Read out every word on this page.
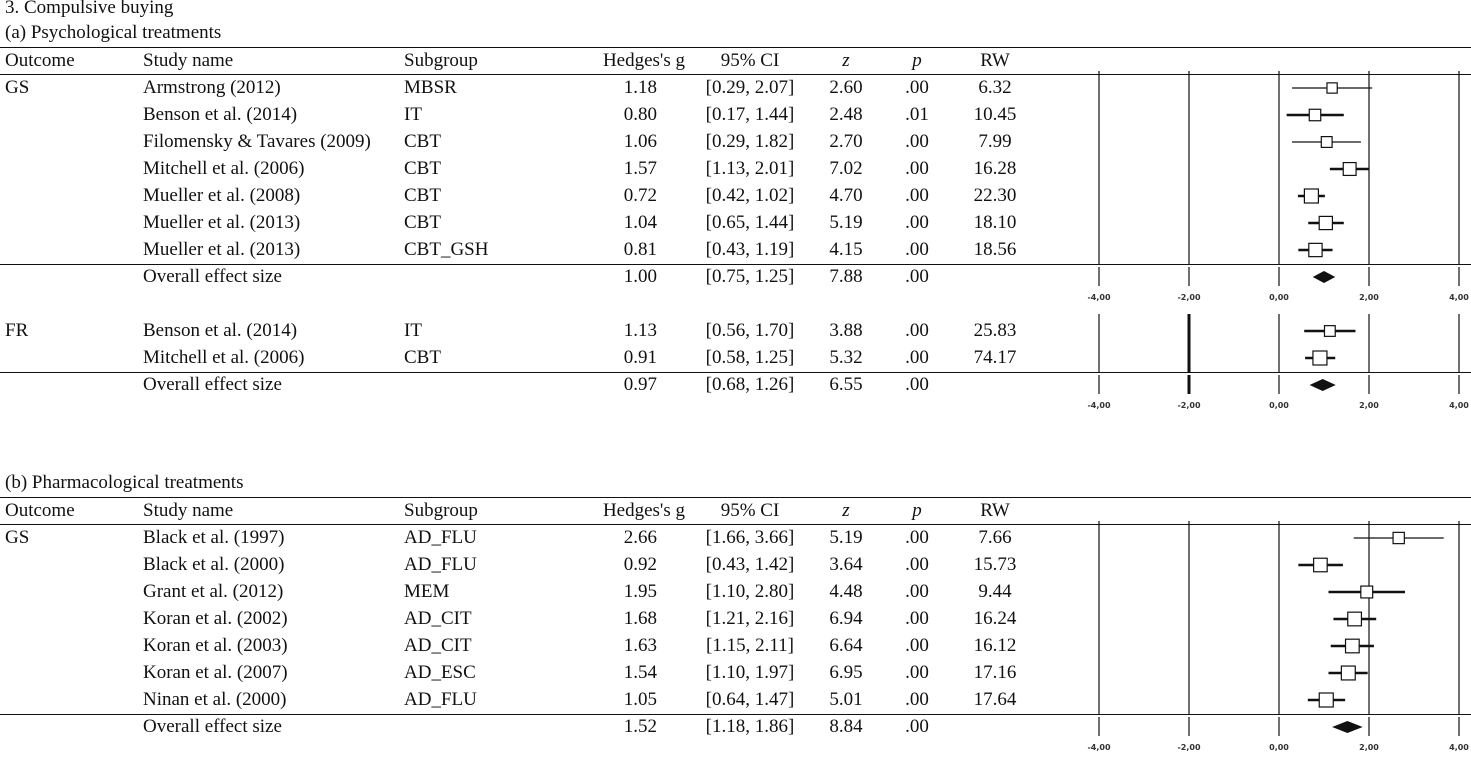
3. Compulsive buying
(a) Psychological treatments
Outcome	Study name	Subgroup	Hedges's g 95% CI	z	p	RW
GS	Armstrong (2012)	MBSR	1.18	[0.29, 2.07] 2.60 .00	6.32
Benson et al. (2014)	IT	0.80	[0.17, 1.44] 2.48 .01 10.45
Filomensky & Tavares (2009) CBT	1.06	[0.29, 1.82] 2.70 .00	7.99
Mitchell et al. (2006)	CBT	1.57	[1.13, 2.01] 7.02 .00 16.28
Mueller et al. (2008)	CBT	0.72	[0.42, 1.02] 4.70 .00 22.30
Mueller et al. (2013)	CBT	1.04	[0.65, 1.44] 5.19 .00 18.10
Mueller et al. (2013)	CBT_GSH	0.81	[0.43, 1.19] 4.15 .00 18.56
Overall effect size	1.00	[0.75, 1.25] 7.88 .00
FR	Benson et al. (2014)	IT	1.13	[0.56, 1.70] 3.88 .00 25.83
Mitchell et al. (2006)	CBT	0.91	[0.58, 1.25] 5.32 .00 74.17
Overall effect size	0.97	[0.68, 1.26] 6.55 .00
(b) Pharmacological treatments
Outcome	Study name	Subgroup	Hedges's g 95% CI	z	p	RW
GS	Black et al. (1997)	AD_FLU	2.66	[1.66, 3.66] 5.19 .00	7.66
Black et al. (2000)	AD_FLU	0.92	[0.43, 1.42] 3.64 .00 15.73
Grant et al. (2012)	MEM	1.95	[1.10, 2.80] 4.48 .00	9.44
Koran et al. (2002)	AD_CIT	1.68	[1.21, 2.16] 6.94 .00 16.24
Koran et al. (2003)	AD_CIT	1.63	[1.15, 2.11] 6.64 .00 16.12
Koran et al. (2007)	AD_ESC	1.54	[1.10, 1.97] 6.95 .00 17.16
Ninan et al. (2000)	AD_FLU	1.05	[0.64, 1.47] 5.01 .00 17.64
Overall effect size	1.52	[1.18, 1.86] 8.84 .00
-4,00	-2,00	0,00	2,00	4,00
-4,00	-2,00	0,00	2,00	4,00
-4,00	-2,00	0,00	2,00	4,00
